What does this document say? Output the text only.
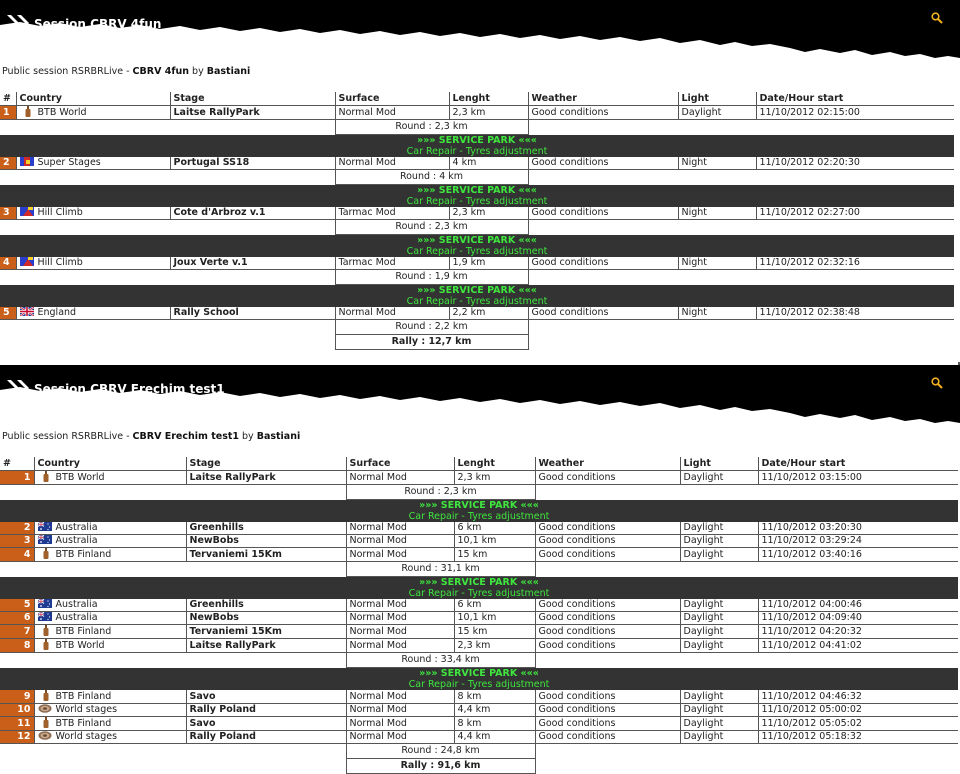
Session CBRV 4fun
Public session RSRBRLive - CBRV 4fun by Bastiani
#	Country	Stage	Surface	Lenght	Weather	Light	Date/Hour start
1	BTB World	Laitse RallyPark	Normal Mod	2,3 km	Good conditions	Daylight	11/10/2012 02:15:00
			Round : 2,3 km				
»»» SERVICE PARK «««							
Car Repair - Tyres adjustment							
2	Super Stages	Portugal SS18	Normal Mod	4 km	Good conditions	Night	11/10/2012 02:20:30
			Round : 4 km				
»»» SERVICE PARK «««							
Car Repair - Tyres adjustment							
3	Hill Climb	Cote d'Arbroz v.1	Tarmac Mod	2,3 km	Good conditions	Night	11/10/2012 02:27:00
			Round : 2,3 km				
»»» SERVICE PARK «««							
Car Repair - Tyres adjustment							
4	Hill Climb	Joux Verte v.1	Tarmac Mod	1,9 km	Good conditions	Night	11/10/2012 02:32:16
			Round : 1,9 km				
»»» SERVICE PARK «««							
Car Repair - Tyres adjustment							
5	England	Rally School	Normal Mod	2,2 km	Good conditions	Night	11/10/2012 02:38:48
			Round : 2,2 km				
			Rally : 12,7 km				
Session CBRV Erechim test1
Public session RSRBRLive - CBRV Erechim test1 by Bastiani
#	Country	Stage	Surface	Lenght	Weather	Light	Date/Hour start
1	BTB World	Laitse RallyPark	Normal Mod	2,3 km	Good conditions	Daylight	11/10/2012 03:15:00
			Round : 2,3 km				
»»» SERVICE PARK «««							
Car Repair - Tyres adjustment							
2	Australia	Greenhills	Normal Mod	6 km	Good conditions	Daylight	11/10/2012 03:20:30
3	Australia	NewBobs	Normal Mod	10,1 km	Good conditions	Daylight	11/10/2012 03:29:24
4	BTB Finland	Tervaniemi 15Km	Normal Mod	15 km	Good conditions	Daylight	11/10/2012 03:40:16
			Round : 31,1 km				
»»» SERVICE PARK «««							
Car Repair - Tyres adjustment							
5	Australia	Greenhills	Normal Mod	6 km	Good conditions	Daylight	11/10/2012 04:00:46
6	Australia	NewBobs	Normal Mod	10,1 km	Good conditions	Daylight	11/10/2012 04:09:40
7	BTB Finland	Tervaniemi 15Km	Normal Mod	15 km	Good conditions	Daylight	11/10/2012 04:20:32
8	BTB World	Laitse RallyPark	Normal Mod	2,3 km	Good conditions	Daylight	11/10/2012 04:41:02
			Round : 33,4 km				
»»» SERVICE PARK «««							
Car Repair - Tyres adjustment							
9	BTB Finland	Savo	Normal Mod	8 km	Good conditions	Daylight	11/10/2012 04:46:32
10	World stages	Rally Poland	Normal Mod	4,4 km	Good conditions	Daylight	11/10/2012 05:00:02
11	BTB Finland	Savo	Normal Mod	8 km	Good conditions	Daylight	11/10/2012 05:05:02
12	World stages	Rally Poland	Normal Mod	4,4 km	Good conditions	Daylight	11/10/2012 05:18:32
			Round : 24,8 km				
			Rally : 91,6 km				
